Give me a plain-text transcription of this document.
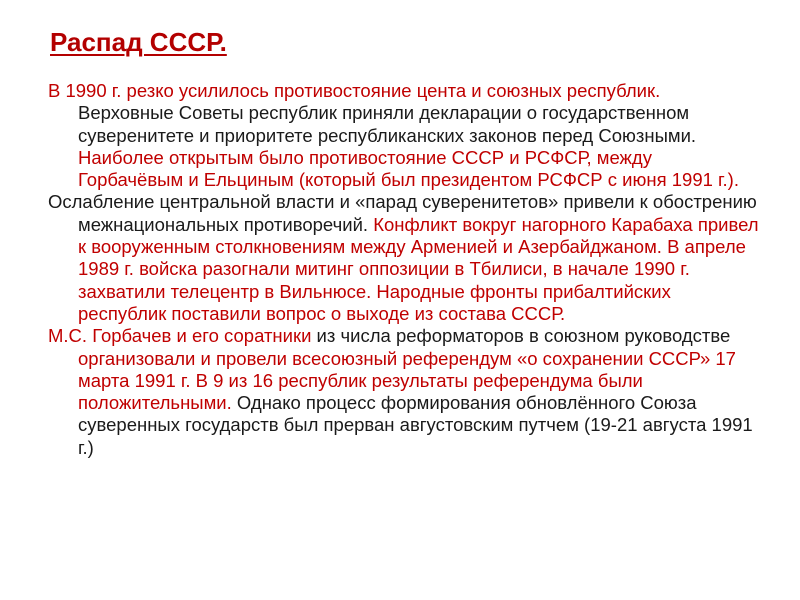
Распад СССР.

В 1990 г. резко усилилось противостояние цента и союзных республик. Верховные Советы республик приняли декларации о государственном суверенитете и приоритете республиканских законов перед Союзными. Наиболее открытым было противостояние СССР и РСФСР, между Горбачёвым и Ельциным (который был президентом РСФСР с июня 1991 г.).

Ослабление центральной власти и «парад суверенитетов» привели к обострению межнациональных противоречий. Конфликт вокруг нагорного Карабаха привел к вооруженным столкновениям между Арменией и Азербайджаном. В апреле 1989 г. войска разогнали митинг оппозиции в Тбилиси, в начале 1990 г. захватили телецентр в Вильнюсе. Народные фронты прибалтийских республик поставили вопрос о выходе из состава СССР.

М.С. Горбачев и его соратники из числа реформаторов в союзном руководстве организовали и провели всесоюзный референдум «о сохранении СССР» 17 марта 1991 г. В 9 из 16 республик результаты референдума были положительными. Однако процесс формирования обновлённого Союза суверенных государств был прерван августовским путчем (19-21 августа 1991 г.)
